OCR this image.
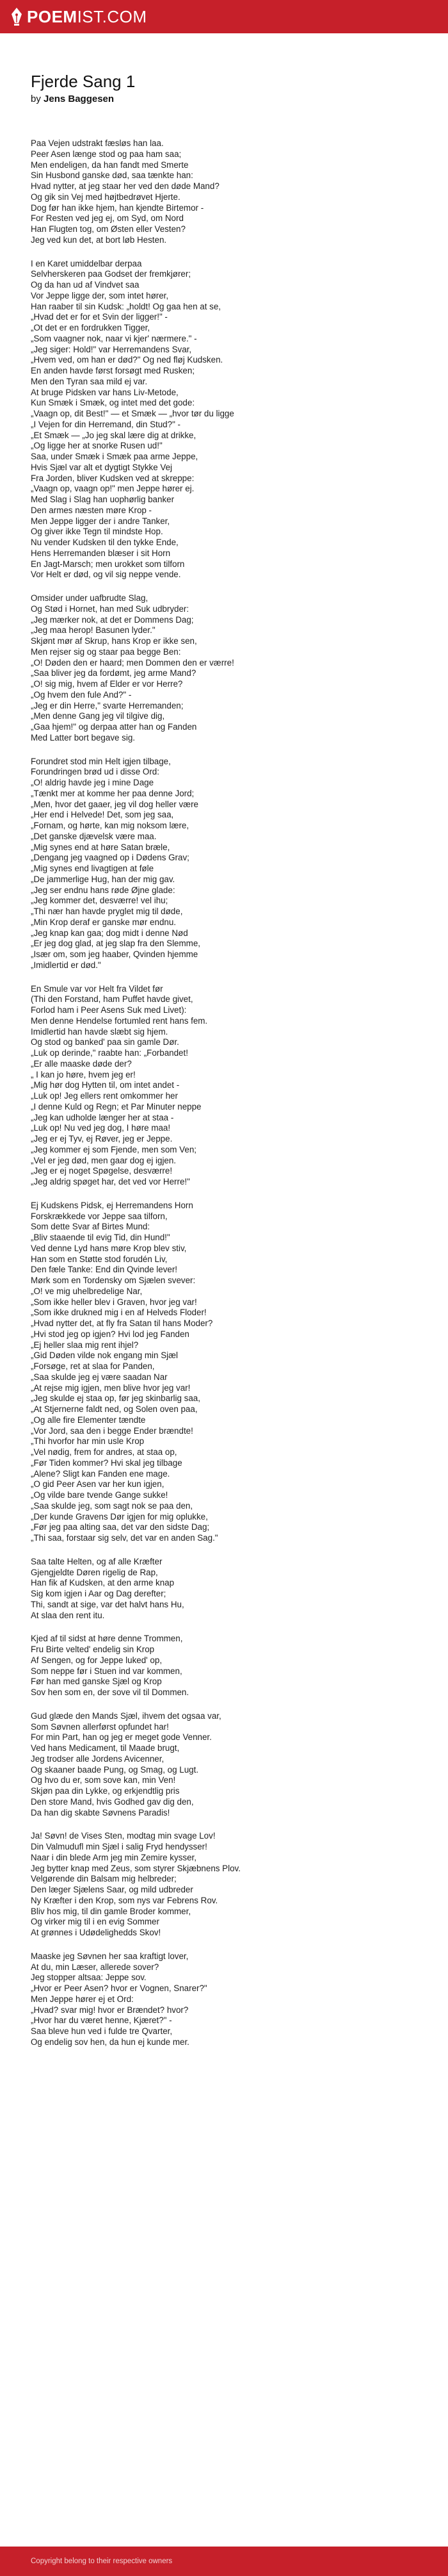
POEM IST.COM
Fjerde Sang 1
by Jens Baggesen
Paa Vejen udstrakt fæsløs han laa.
Peer Asen længe stod og paa ham saa;
Men endeligen, da han fandt med Smerte
Sin Husbond ganske død, saa tænkte han:
Hvad nytter, at jeg staar her ved den døde Mand?
Og gik sin Vej med højtbedrøvet Hjerte.
Dog før han ikke hjem, han kjendte Birtemor -
For Resten ved jeg ej, om Syd, om Nord
Han Flugten tog, om Østen eller Vesten?
Jeg ved kun det, at bort løb Hesten.
I en Karet umiddelbar derpaa
Selvherskeren paa Godset der fremkjører;
Og da han ud af Vindvet saa
Vor Jeppe ligge der, som intet hører,
Han raaber til sin Kudsk: „holdt! Og gaa hen at se,
„Hvad det er for et Svin der ligger!" -
„Ot det er en fordrukken Tigger,
„Som vaagner nok, naar vi kjer' nærmere." -
„Jeg siger: Hold!" var Herremandens Svar,
„Hvem ved, om han er død?" Og ned fløj Kudsken.
En anden havde først forsøgt med Rusken;
Men den Tyran saa mild ej var.
At bruge Pidsken var hans Liv-Metode,
Kun Smæk i Smæk, og intet med det gode:
„Vaagn op, dit Best!" — et Smæk — „hvor tør du ligge
„I Vejen for din Herremand, din Stud?" -
„Et Smæk — „Jo jeg skal lære dig at drikke,
„Og ligge her at snorke Rusen ud!"
Saa, under Smæk i Smæk paa arme Jeppe,
Hvis Sjæl var alt et dygtigt Stykke Vej
Fra Jorden, bliver Kudsken ved at skreppe:
„Vaagn op, vaagn op!" men Jeppe hører ej.
Med Slag i Slag han uophørlig banker
Den armes næsten møre Krop -
Men Jeppe ligger der i andre Tanker,
Og giver ikke Tegn til mindste Hop.
Nu vender Kudsken til den tykke Ende,
Hens Herremanden blæser i sit Horn
En Jagt-Marsch; men urokket som tilforn
Vor Helt er død, og vil sig neppe vende.
Omsider under uafbrudte Slag,
Og Stød i Hornet, han med Suk udbryder:
„Jeg mærker nok, at det er Dommens Dag;
„Jeg maa herop! Basunen lyder."
Skjønt mør af Skrup, hans Krop er ikke sen,
Men rejser sig og staar paa begge Ben:
„O! Døden den er haard; men Dommen den er værre!
„Saa bliver jeg da fordømt, jeg arme Mand?
„O! sig mig, hvem af Elder er vor Herre?
„Og hvem den fule And?" -
„Jeg er din Herre," svarte Herremanden;
„Men denne Gang jeg vil tilgive dig,
„Gaa hjem!" og derpaa atter han og Fanden
Med Latter bort begave sig.
Forundret stod min Helt igjen tilbage,
Forundringen brød ud i disse Ord:
„O! aldrig havde jeg i mine Dage
„Tænkt mer at komme her paa denne Jord;
„Men, hvor det gaaer, jeg vil dog heller være
„Her end i Helvede! Det, som jeg saa,
„Fornam, og hørte, kan mig noksom lære,
„Det ganske djævelsk være maa.
„Mig synes end at høre Satan bræle,
„Dengang jeg vaagned op i Dødens Grav;
„Mig synes end livagtigen at føle
„De jammerlige Hug, han der mig gav.
„Jeg ser endnu hans røde Øjne glade:
„Jeg kommer det, desværre! vel ihu;
„Thi nær han havde pryglet mig til døde,
„Min Krop deraf er ganske mør endnu.
„Jeg knap kan gaa; dog midt i denne Nød
„Er jeg dog glad, at jeg slap fra den Slemme,
„Især om, som jeg haaber, Qvinden hjemme
„Imidlertid er død."
En Smule var vor Helt fra Vildet før
(Thi den Forstand, ham Puffet havde givet,
Forlod ham i Peer Asens Suk med Livet):
Men denne Hendelse fortumled rent hans fem.
Imidlertid han havde slæbt sig hjem.
Og stod og banked' paa sin gamle Dør.
„Luk op derinde," raabte han: „Forbandet!
„Er alle maaske døde der?
„ I kan jo høre, hvem jeg er!
„Mig hør dog Hytten til, om intet andet -
„Luk op! Jeg ellers rent omkommer her
„I denne Kuld og Regn; et Par Minuter neppe
„Jeg kan udholde længer her at staa -
„Luk op! Nu ved jeg dog, I høre maa!
„Jeg er ej Tyv, ej Røver, jeg er Jeppe.
„Jeg kommer ej som Fjende, men som Ven;
„Vel er jeg død, men gaar dog ej igjen.
„Jeg er ej noget Spøgelse, desværre!
„Jeg aldrig spøget har, det ved vor Herre!"
Ej Kudskens Pidsk, ej Herremandens Horn
Forskrækkede vor Jeppe saa tilforn,
Som dette Svar af Birtes Mund:
„Bliv staaende til evig Tid, din Hund!"
Ved denne Lyd hans møre Krop blev stiv,
Han som en Støtte stod forudén Liv,
Den fæle Tanke: End din Qvinde lever!
Mørk som en Tordensky om Sjælen svever:
„O! ve mig uhelbredelige Nar,
„Som ikke heller blev i Graven, hvor jeg var!
„Som ikke drukned mig i en af Helveds Floder!
„Hvad nytter det, at fly fra Satan til hans Moder?
„Hvi stod jeg op igjen? Hvi lod jeg Fanden
„Ej heller slaa mig rent ihjel?
„Gid Døden vilde nok engang min Sjæl
„Forsøge, ret at slaa for Panden,
„Saa skulde jeg ej være saadan Nar
„At rejse mig igjen, men blive hvor jeg var!
„Jeg skulde ej staa op, før jeg skinbarlig saa,
„At Stjernerne faldt ned, og Solen oven paa,
„Og alle fire Elementer tændte
„Vor Jord, saa den i begge Ender brændte!
„Thi hvorfor har min usle Krop
„Vel nødig, frem for andres, at staa op,
„Før Tiden kommer? Hvi skal jeg tilbage
„Alene? Sligt kan Fanden ene mage.
„O gid Peer Asen var her kun igjen,
„Og vilde bare tvende Gange sukke!
„Saa skulde jeg, som sagt nok se paa den,
„Der kunde Gravens Dør igjen for mig oplukke,
„Før jeg paa alting saa, det var den sidste Dag;
„Thi saa, forstaar sig selv, det var en anden Sag."
Saa talte Helten, og af alle Kræfter
Gjengjeldte Døren rigelig de Rap,
Han fik af Kudsken, at den arme knap
Sig kom igjen i Aar og Dag derefter;
Thi, sandt at sige, var det halvt hans Hu,
At slaa den rent itu.
Kjed af til sidst at høre denne Trommen,
Fru Birte velted' endelig sin Krop
Af Sengen, og for Jeppe luked' op,
Som neppe før i Stuen ind var kommen,
Før han med ganske Sjæl og Krop
Sov hen som en, der sove vil til Dommen.
Gud glæde den Mands Sjæl, ihvem det ogsaa var,
Som Søvnen allerførst opfundet har!
For min Part, han og jeg er meget gode Venner.
Ved hans Medicament, til Maade brugt,
Jeg trodser alle Jordens Avicenner,
Og skaaner baade Pung, og Smag, og Lugt.
Og hvo du er, som sove kan, min Ven!
Skjøn paa din Lykke, og erkjendtlig pris
Den store Mand, hvis Godhed gav dig den,
Da han dig skabte Søvnens Paradis!
Ja! Søvn! de Vises Sten, modtag min svage Lov!
Din Valmudufl min Sjæl i salig Fryd hendysser!
Naar i din blede Arm jeg min Zemire kysser,
Jeg bytter knap med Zeus, som styrer Skjæbnens Plov.
Velgørende din Balsam mig helbreder;
Den læger Sjælens Saar, og mild udbreder
Ny Kræfter i den Krop, som nys var Febrens Rov.
Bliv hos mig, til din gamle Broder kommer,
Og virker mig til i en evig Sommer
At grønnes i Udødelighedds Skov!
Maaske jeg Søvnen her saa kraftigt lover,
At du, min Læser, allerede sover?
Jeg stopper altsaa: Jeppe sov.
„Hvor er Peer Asen? hvor er Vognen, Snarer?"
Men Jeppe hører ej et Ord:
„Hvad? svar mig! hvor er Brændet? hvor?
„Hvor har du været henne, Kjæret?" -
Saa bleve hun ved i fulde tre Qvarter,
Og endelig sov hen, da hun ej kunde mer.
Copyright belong to their respective owners
